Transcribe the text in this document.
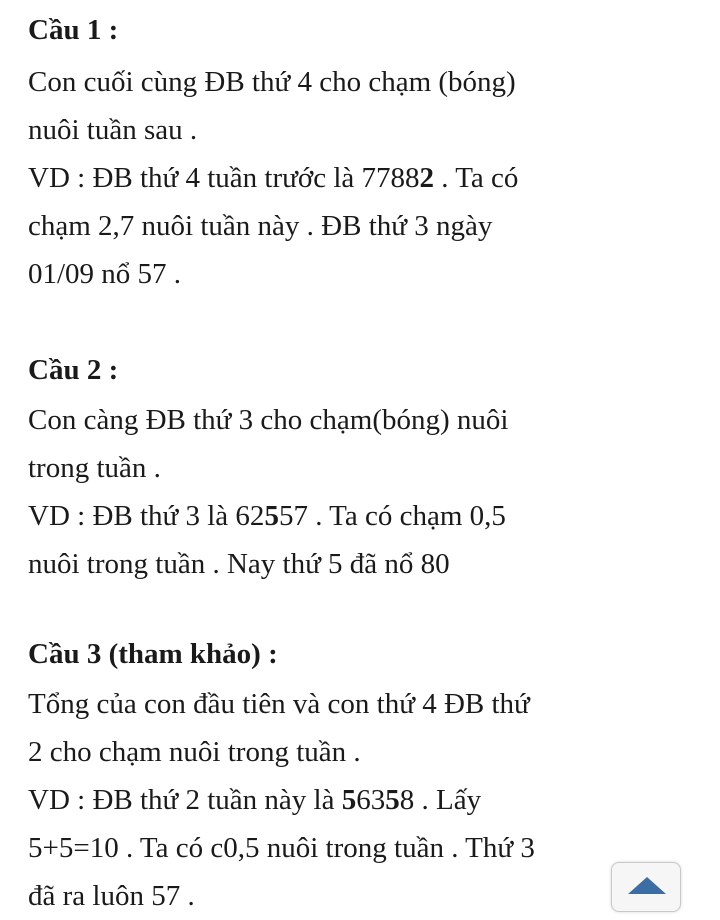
Cầu 1 :

Con cuối cùng ĐB thứ 4 cho chạm (bóng)

nuôi tuần sau .

VD : ĐB thứ 4 tuần trước là 77882 . Ta có

chạm 2,7 nuôi tuần này . ĐB thứ 3 ngày

01/09 nổ 57 .

Cầu 2 :

Con càng ĐB thứ 3 cho chạm(bóng) nuôi

trong tuần .

VD : ĐB thứ 3 là 62557 . Ta có chạm 0,5

nuôi trong tuần . Nay thứ 5 đã nổ 80

Cầu 3 (tham khảo) :

Tổng của con đầu tiên và con thứ 4 ĐB thứ

2 cho chạm nuôi trong tuần .

VD : ĐB thứ 2 tuần này là 56358 . Lấy

5+5=10 . Ta có c0,5 nuôi trong tuần . Thứ 3

đã ra luôn 57 .
